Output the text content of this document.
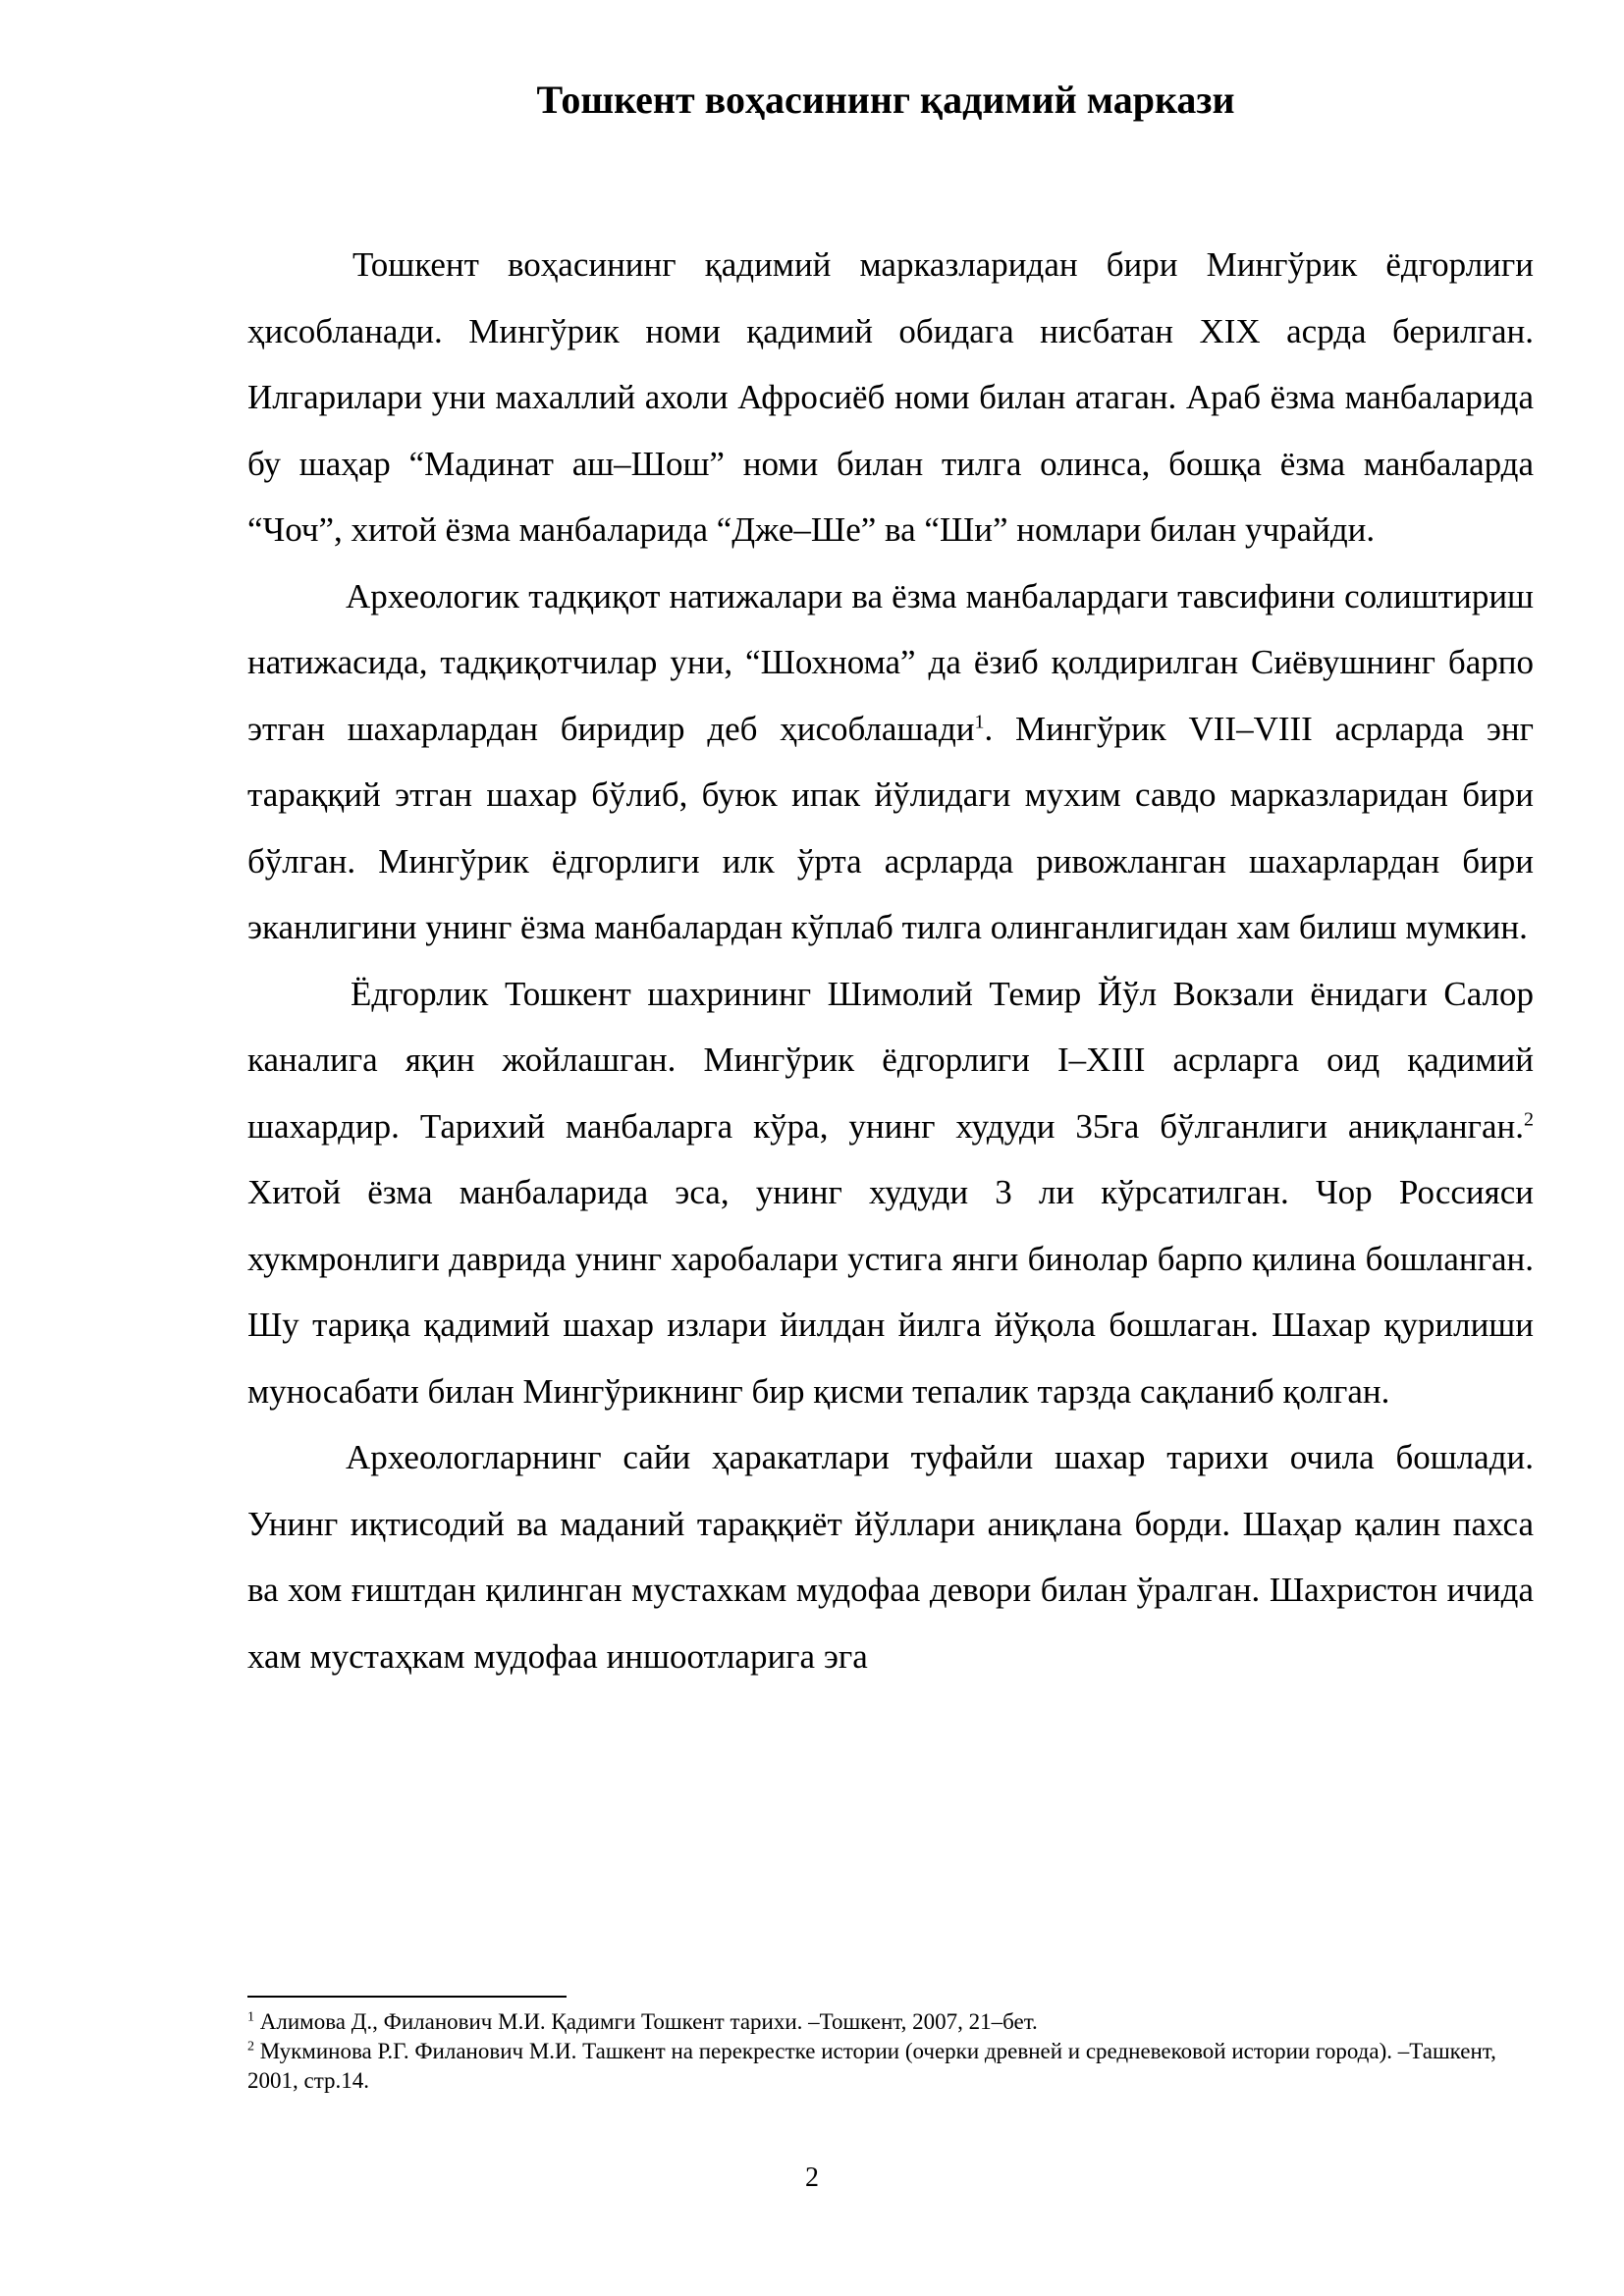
Тошкент воҳасининг қадимий маркази

Тошкент воҳасининг қадимий марказларидан бири Мингўрик ёдгорлиги ҳисобланади. Мингўрик номи қадимий обидага нисбатан XIX асрда берилган. Илгарилари уни махаллий ахоли Афросиёб номи билан атаган. Араб ёзма манбаларида бу шаҳар “Мадинат аш–Шош” номи билан тилга олинса, бошқа ёзма манбаларда “Чоч”, хитой ёзма манбаларида “Дже–Ше” ва “Ши” номлари билан учрайди.

Археологик тадқиқот натижалари ва ёзма манбалардаги тавсифини солиштириш натижасида, тадқиқотчилар уни, “Шохнома” да ёзиб қолдирилган Сиёвушнинг барпо этган шахарлардан биридир деб ҳисоблашади$^1$. Мингўрик VII–VIII асрларда энг тараққий этган шахар бўлиб, буюк ипак йўлидаги мухим савдо марказларидан бири бўлган. Мингўрик ёдгорлиги илк ўрта асрларда ривожланган шахарлардан бири эканлигини унинг ёзма манбалардан кўплаб тилга олинганлигидан хам билиш мумкин.

Ёдгорлик Тошкент шахрининг Шимолий Темир Йўл Вокзали ёнидаги Салор каналига яқин жойлашган. Мингўрик ёдгорлиги I–XIII асрларга оид қадимий шахардир. Тарихий манбаларга кўра, унинг худуди 35га бўлганлиги аниқланган.$^2$ Хитой ёзма манбаларида эса, унинг худуди 3 ли кўрсатилган. Чор Россияси хукмронлиги даврида унинг харобалари устига янги бинолар барпо қилина бошланган. Шу тариқа қадимий шахар излари йилдан йилга йўқола бошлаган. Шахар қурилиши муносабати билан Мингўрикнинг бир қисми тепалик тарзда сақланиб қолган.

Археологларнинг сайи ҳаракатлари туфайли шахар тарихи очила бошлади. Унинг иқтисодий ва маданий тараққиёт йўллари аниқлана борди. Шаҳар қалин пахса ва хом ғиштдан қилинган мустахкам мудофаа девори билан ўралган. Шахристон ичида хам мустаҳкам мудофаа иншоотларига эга

$^1$ Алимова Д., Филанович М.И. Қадимги Тошкент тарихи. –Тошкент, 2007, 21–бет.

$^2$ Мукминова Р.Г. Филанович М.И. Ташкент на перекрестке истории (очерки древней и средневековой истории города). –Ташкент, 2001, стр.14.

2
